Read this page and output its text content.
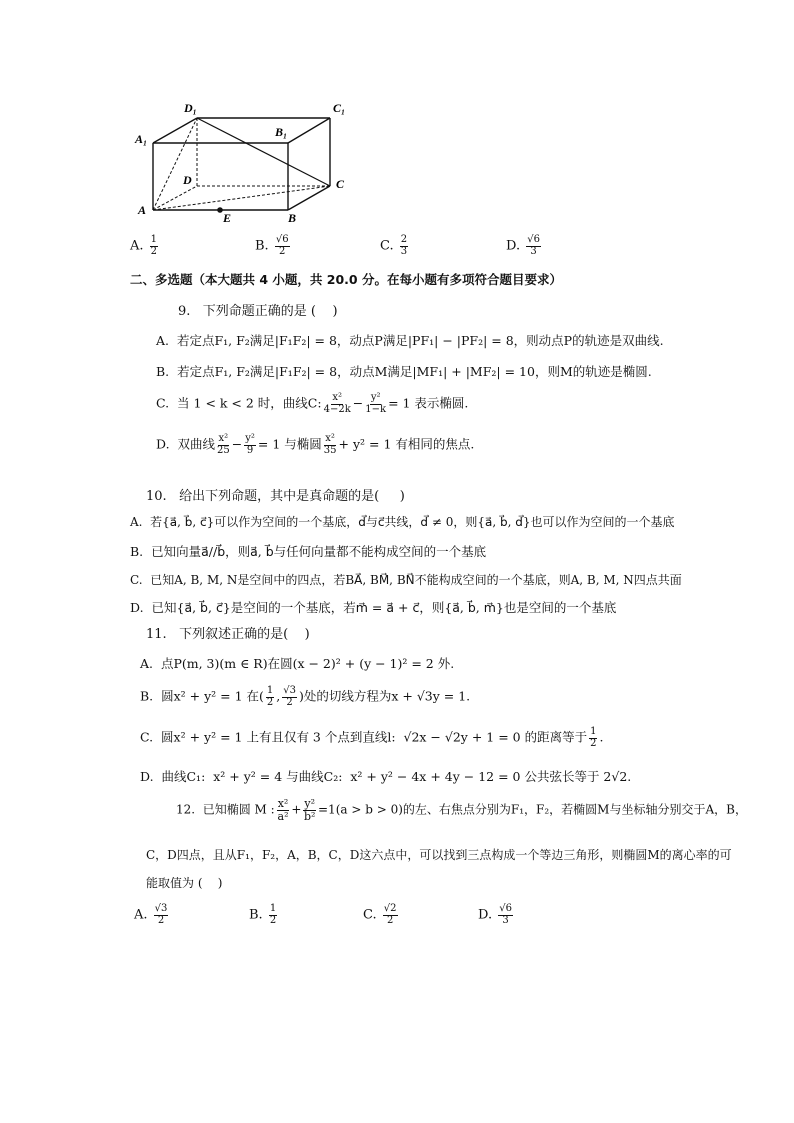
D₁	C₁
A₁	B₁
D	C
A
E	B
A. $\frac{1}{2}$	B. $\frac{√6}{2}$	C. $\frac{2}{3}$	D. $\frac{√6}{3}$
二、多选题（本大题共 4 小题，共 20.0 分。在每小题有多项符合题目要求）
9.   下列命题正确的是 (    )
A.  若定点F₁, F₂满足|F₁F₂| = 8，动点P满足|PF₁| − |PF₂| = 8，则动点P的轨迹是双曲线.
B.  若定点F₁, F₂满足|F₁F₂| = 8，动点M满足|MF₁| + |MF₂| = 10，则M的轨迹是椭圆.
C.  当 1 < k < 2 时，曲线C: $\frac{\text{x²}}{4-2k} - \frac{\text{y²}}{1-k} = 1$ 表示椭圆.
D.  双曲线 $\frac{\text{x²}}{25} - \frac{\text{y²}}{9} = 1$ 与椭圆 $\frac{\text{x²}}{35} + y^2 = 1$ 有相同的焦点.
10.   给出下列命题，其中是真命题的是(     )
A.  若{a⃗, b⃗, c⃗}可以作为空间的一个基底，d⃗与c⃗共线，d⃗ ≠ 0，则{a⃗, b⃗, d⃗}也可以作为空间的一个基底
B.  已知向量a⃗//b⃗，则a⃗, b⃗与任何向量都不能构成空间的一个基底
C.  已知A, B, M, N是空间中的四点，若BA⃗, BM⃗, BN⃗不能构成空间的一个基底，则A, B, M, N四点共面
D.  已知{a⃗, b⃗, c⃗}是空间的一个基底，若m⃗ = a⃗ + c⃗，则{a⃗, b⃗, m⃗}也是空间的一个基底
11.   下列叙述正确的是(    )
A.  点P(m, 3)(m ∈ R)在圆(x − 2)² + (y − 1)² = 2 外.
B.  圆x² + y² = 1 在( $\frac{1}{2}$ , $\frac{√3}{2}$ )处的切线方程为x + √3y = 1.
C.  圆x² + y² = 1 上有且仅有 3 个点到直线l:  √2x − √2y + 1 = 0 的距离等于 $\frac{1}{2}$ .
D.  曲线C₁:  x² + y² = 4 与曲线C₂:  x² + y² − 4x + 4y − 12 = 0 公共弦长等于 2√2.
12.  已知椭圆 M : $\frac{\text{x²}}{\text{a²}} + \frac{\text{y²}}{\text{b²}} =1(a > b > 0)$的左、右焦点分别为F₁，F₂，若椭圆M与坐标轴分别交于A，B，
C，D四点，且从F₁，F₂，A，B，C，D这六点中，可以找到三点构成一个等边三角形，则椭圆M的离心率的可
能取值为 (    )
A. $\frac{√3}{2}$	B. $\frac{1}{2}$	C. $\frac{√2}{2}$	D. $\frac{√6}{3}$
